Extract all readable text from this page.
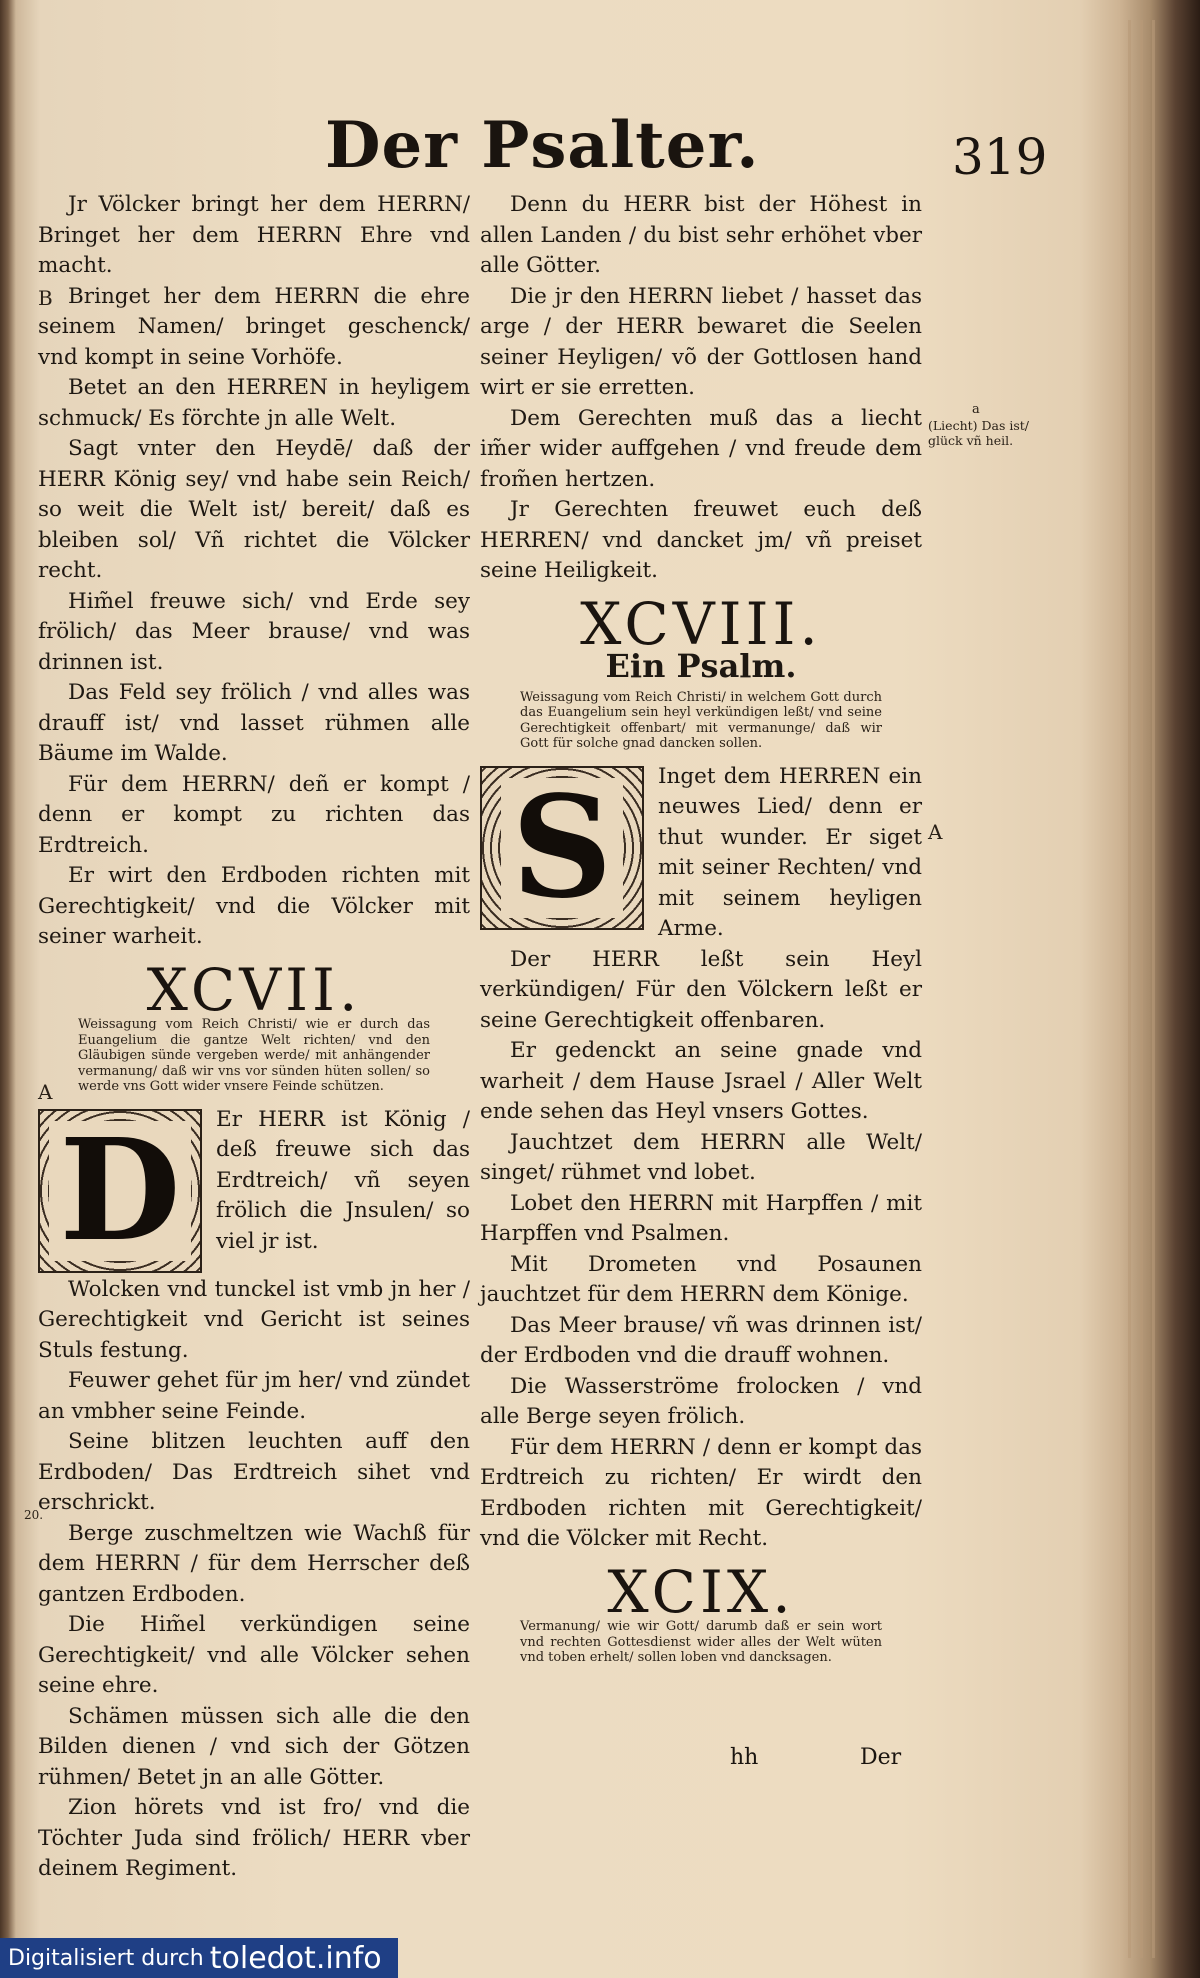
Der Psalter.	319

Jr Völcker bringt her dem HERRN/ Bringet her dem HERRN Ehre vnd macht.

Bringet her dem HERRN die ehre seinem Namen/ bringet geschenck/ vnd kompt in seine Vorhöfe.

Betet an den HERREN in heyligem schmuck/ Es förchte jn alle Welt.

Sagt vnter den Heydē/ daß der HERR König sey/ vnd habe sein Reich/ so weit die Welt ist/ bereit/ daß es bleiben sol/ Vñ richtet die Völcker recht.

Him̃el freuwe sich/ vnd Erde sey frölich/ das Meer brause/ vnd was drinnen ist.

Das Feld sey frölich / vnd alles was drauff ist/ vnd lasset rühmen alle Bäume im Walde.

Für dem HERRN/ deñ er kompt / denn er kompt zu richten das Erdtreich.

Er wirt den Erdboden richten mit Gerechtigkeit/ vnd die Völcker mit seiner warheit.

XCVII.
Weissagung vom Reich Christi/ wie er durch das Euangelium die gantze Welt richten/ vnd den Gläubigen sünde vergeben werde/ mit anhängender vermanung/ daß wir vns vor sünden hüten sollen/ so werde vns Gott wider vnsere Feinde schützen.
D	Er HERR ist König / deß freuwe sich das Erdtreich/ vñ seyen frölich die Jnsulen/ so viel jr ist.

Wolcken vnd tunckel ist vmb jn her / Gerechtigkeit vnd Gericht ist seines Stuls festung.

Feuwer gehet für jm her/ vnd zündet an vmbher seine Feinde.

Seine blitzen leuchten auff den Erdboden/ Das Erdtreich sihet vnd erschrickt.

Berge zuschmeltzen wie Wachß für dem HERRN / für dem Herrscher deß gantzen Erdboden.

Die Him̃el verkündigen seine Gerechtigkeit/ vnd alle Völcker sehen seine ehre.

Schämen müssen sich alle die den Bilden dienen / vnd sich der Götzen rühmen/ Betet jn an alle Götter.

Zion hörets vnd ist fro/ vnd die Töchter Juda sind frölich/ HERR vber deinem Regiment.

Denn du HERR bist der Höhest in allen Landen / du bist sehr erhöhet vber alle Götter.

Die jr den HERRN liebet / hasset das arge / der HERR bewaret die Seelen seiner Heyligen/ võ der Gottlosen hand wirt er sie erretten.

Dem Gerechten muß das a liecht im̃er wider auffgehen / vnd freude dem from̃en hertzen.

Jr Gerechten freuwet euch deß HERREN/ vnd dancket jm/ vñ preiset seine Heiligkeit.

XCVIII.
Ein Psalm.
Weissagung vom Reich Christi/ in welchem Gott durch das Euangelium sein heyl verkündigen leßt/ vnd seine Gerechtigkeit offenbart/ mit vermanunge/ daß wir Gott für solche gnad dancken sollen.
S	Inget dem HERREN ein neuwes Lied/ denn er thut wunder. Er siget mit seiner Rechten/ vnd mit seinem heyligen Arme.

Der HERR leßt sein Heyl verkündigen/ Für den Völckern leßt er seine Gerechtigkeit offenbaren.

Er gedenckt an seine gnade vnd warheit / dem Hause Jsrael / Aller Welt ende sehen das Heyl vnsers Gottes.

Jauchtzet dem HERRN alle Welt/ singet/ rühmet vnd lobet.

Lobet den HERRN mit Harpffen / mit Harpffen vnd Psalmen.

Mit Drometen vnd Posaunen jauchtzet für dem HERRN dem Könige.

Das Meer brause/ vñ was drinnen ist/ der Erdboden vnd die drauff wohnen.

Die Wasserströme frolocken / vnd alle Berge seyen frölich.

Für dem HERRN / denn er kompt das Erdtreich zu richten/ Er wirdt den Erdboden richten mit Gerechtigkeit/ vnd die Völcker mit Recht.

XCIX.
Vermanung/ wie wir Gott/ darumb daß er sein wort vnd rechten Gottesdienst wider alles der Welt wüten vnd toben erhelt/ sollen loben vnd dancksagen.
hh	Der
B
A
20.
A
a
(Liecht) Das ist/ glück vñ heil.
Digitalisiert durch toledot.info
